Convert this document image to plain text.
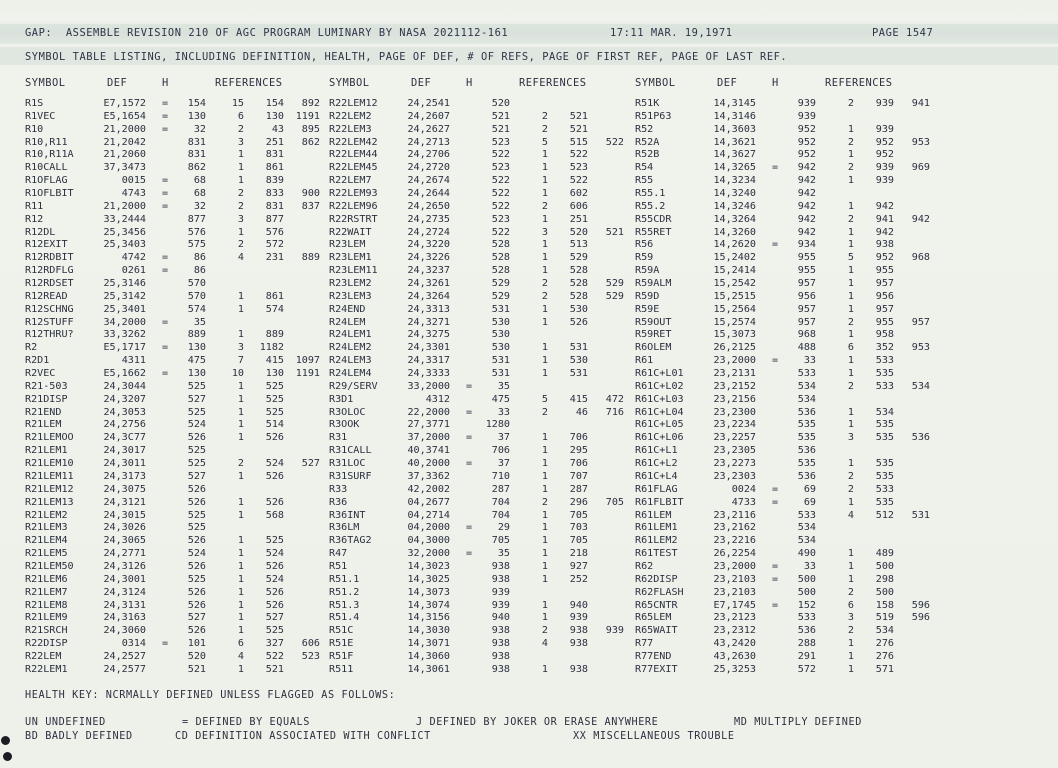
GAP:  ASSEMBLE REVISION 210 OF AGC PROGRAM LUMINARY BY NASA 2021112-161	17:11 MAR. 19,1971	PAGE 1547
SYMBOL TABLE LISTING, INCLUDING DEFINITION, HEALTH, PAGE OF DEF, # OF REFS, PAGE OF FIRST REF, PAGE OF LAST REF.
SYMBOL	DEF	H	REFERENCES	SYMBOL	DEF	H	REFERENCES	SYMBOL	DEF	H	REFERENCES
R1S	E7,1572 = 154	15 154 892 R22LEM12	24,2541	520	R51K	14,3145	939	2 939 941
R1VEC	E5,1654 = 130	6 130 1191 R22LEM2	24,2607	521	2 521	R51P63	14,3146	939
R10	21,2000 =	32	2	43 895 R22LEM3	24,2627	521	2 521	R52	14,3603	952	1 939
R10,R11	21,2042	831	3 251 862 R22LEM42	24,2713	523	5 515 522 R52A	14,3621	952	2 952 953
R10,R11A	21,2060	831	1 831	R22LEM44	24,2706	522	1 522	R52B	14,3627	952	1 952
R10CALL	37,3473	862	1 861	R22LEM45	24,2720	523	1 523	R54	14,3265 = 942	2 939 969
R1OFLAG	0015 =	68	1 839	R22LEM7	24,2674	522	1 522	R55	14,3234	942	1 939
R1OFLBIT	4743 =	68	2 833 900 R22LEM93	24,2644	522	1 602	R55.1	14,3240	942
R11	21,2000 =	32	2 831 837 R22LEM96	24,2650	522	2 606	R55.2	14,3246	942	1 942
R12	33,2444	877	3 877	R22RSTRT	24,2735	523	1 251	R55CDR	14,3264	942	2 941 942
R12DL	25,3456	576	1 576	R22WAIT	24,2724	522	3 520 521 R55RET	14,3260	942	1 942
R12EXIT	25,3403	575	2 572	R23LEM	24,3220	528	1 513	R56	14,2620 = 934	1 938
R12RDBIT	4742 =	86	4 231 889 R23LEM1	24,3226	528	1 529	R59	15,2402	955	5 952 968
R12RDFLG	0261 =	86	R23LEM11	24,3237	528	1 528	R59A	15,2414	955	1 955
R12RDSET	25,3146	570	R23LEM2	24,3261	529	2 528 529 R59ALM	15,2542	957	1 957
R12READ	25,3142	570	1 861	R23LEM3	24,3264	529	2 528 529 R59D	15,2515	956	1 956
R12SCHNG	25,3401	574	1 574	R24END	24,3313	531	1 530	R59E	15,2564	957	1 957
R12STUFF	34,2000 =	35	R24LEM	24,3271	530	1 526	R59OUT	15,2574	957	2 955 957
R12THRU?	33,3262	889	1 889	R24LEM1	24,3275	530	R59RET	15,3073	968	1 958
R2	E5,1717 = 130	3 1182	R24LEM2	24,3301	530	1 531	R6OLEM	26,2125	488	6 352 953
R2D1	4311	475	7 415 1097 R24LEM3	24,3317	531	1 530	R61	23,2000 =	33	1 533
R2VEC	E5,1662 = 130	10 130 1191 R24LEM4	24,3333	531	1 531	R61C+L01	23,2131	533	1 535
R21-503	24,3044	525	1 525	R29/SERV	33,2000 =	35	R61C+L02	23,2152	534	2 533 534
R21DISP	24,3207	527	1 525	R3D1	4312	475	5 415 472 R61C+L03	23,2156	534
R21END	24,3053	525	1 525	R3OLOC	22,2000 =	33	2	46 716 R61C+L04	23,2300	536	1 534
R21LEM	24,2756	524	1 514	R3OOK	27,3771	1280	R61C+L05	23,2234	535	1 535
R21LEMOO	24,3C77	526	1 526	R31	37,2000 =	37	1 706	R61C+L06	23,2257	535	3 535 536
R21LEM1	24,3017	525	R31CALL	40,3741	706	1 295	R61C+L1	23,2305	536
R21LEM10	24,3011	525	2 524 527 R31LOC	40,2000 =	37	1 706	R61C+L2	23,2273	535	1 535
R21LEM11	24,3173	527	1 526	R31SURF	37,3362	710	1 707	R61C+L4	23,2303	536	2 535
R21LEM12	24,3075	526	R33	42,2002	287	1 287	R61FLAG	0024 =	69	2 533
R21LEM13	24,3121	526	1 526	R36	04,2677	704	2 296 705 R61FLBIT	4733 =	69	1 535
R21LEM2	24,3015	525	1 568	R36INT	04,2714	704	1 705	R61LEM	23,2116	533	4 512 531
R21LEM3	24,3026	525	R36LM	04,2000 =	29	1 703	R61LEM1	23,2162	534
R21LEM4	24,3065	526	1 525	R36TAG2	04,3000	705	1 705	R61LEM2	23,2216	534
R21LEM5	24,2771	524	1 524	R47	32,2000 =	35	1 218	R61TEST	26,2254	490	1 489
R21LEM50	24,3126	526	1 526	R51	14,3023	938	1 927	R62	23,2000 =	33	1 500
R21LEM6	24,3001	525	1 524	R51.1	14,3025	938	1 252	R62DISP	23,2103 = 500	1 298
R21LEM7	24,3124	526	1 526	R51.2	14,3073	939	R62FLASH	23,2103	500	2 500
R21LEM8	24,3131	526	1 526	R51.3	14,3074	939	1 940	R65CNTR	E7,1745 = 152	6 158 596
R21LEM9	24,3163	527	1 527	R51.4	14,3156	940	1 939	R65LEM	23,2123	533	3 519 596
R21SRCH	24,3060	526	1 525	R51C	14,3030	938	2 938 939 R65WAIT	23,2312	536	2 534
R22DISP	0314 = 101	6 327 606 R51E	14,3071	938	4 938	R77	43,2420	288	1 276
R22LEM	24,2527	520	4 522 523 R51F	14,3060	938	R77END	43,2630	291	1 276
R22LEM1	24,2577	521	1 521	R511	14,3061	938	1 938	R77EXIT	25,3253	572	1 571
HEALTH KEY: NCRMALLY DEFINED UNLESS FLAGGED AS FOLLOWS:
UN UNDEFINED	= DEFINED BY EQUALS	J DEFINED BY JOKER OR ERASE ANYWHERE	MD MULTIPLY DEFINED
BD BADLY DEFINED	CD DEFINITION ASSOCIATED WITH CONFLICT	XX MISCELLANEOUS TROUBLE
